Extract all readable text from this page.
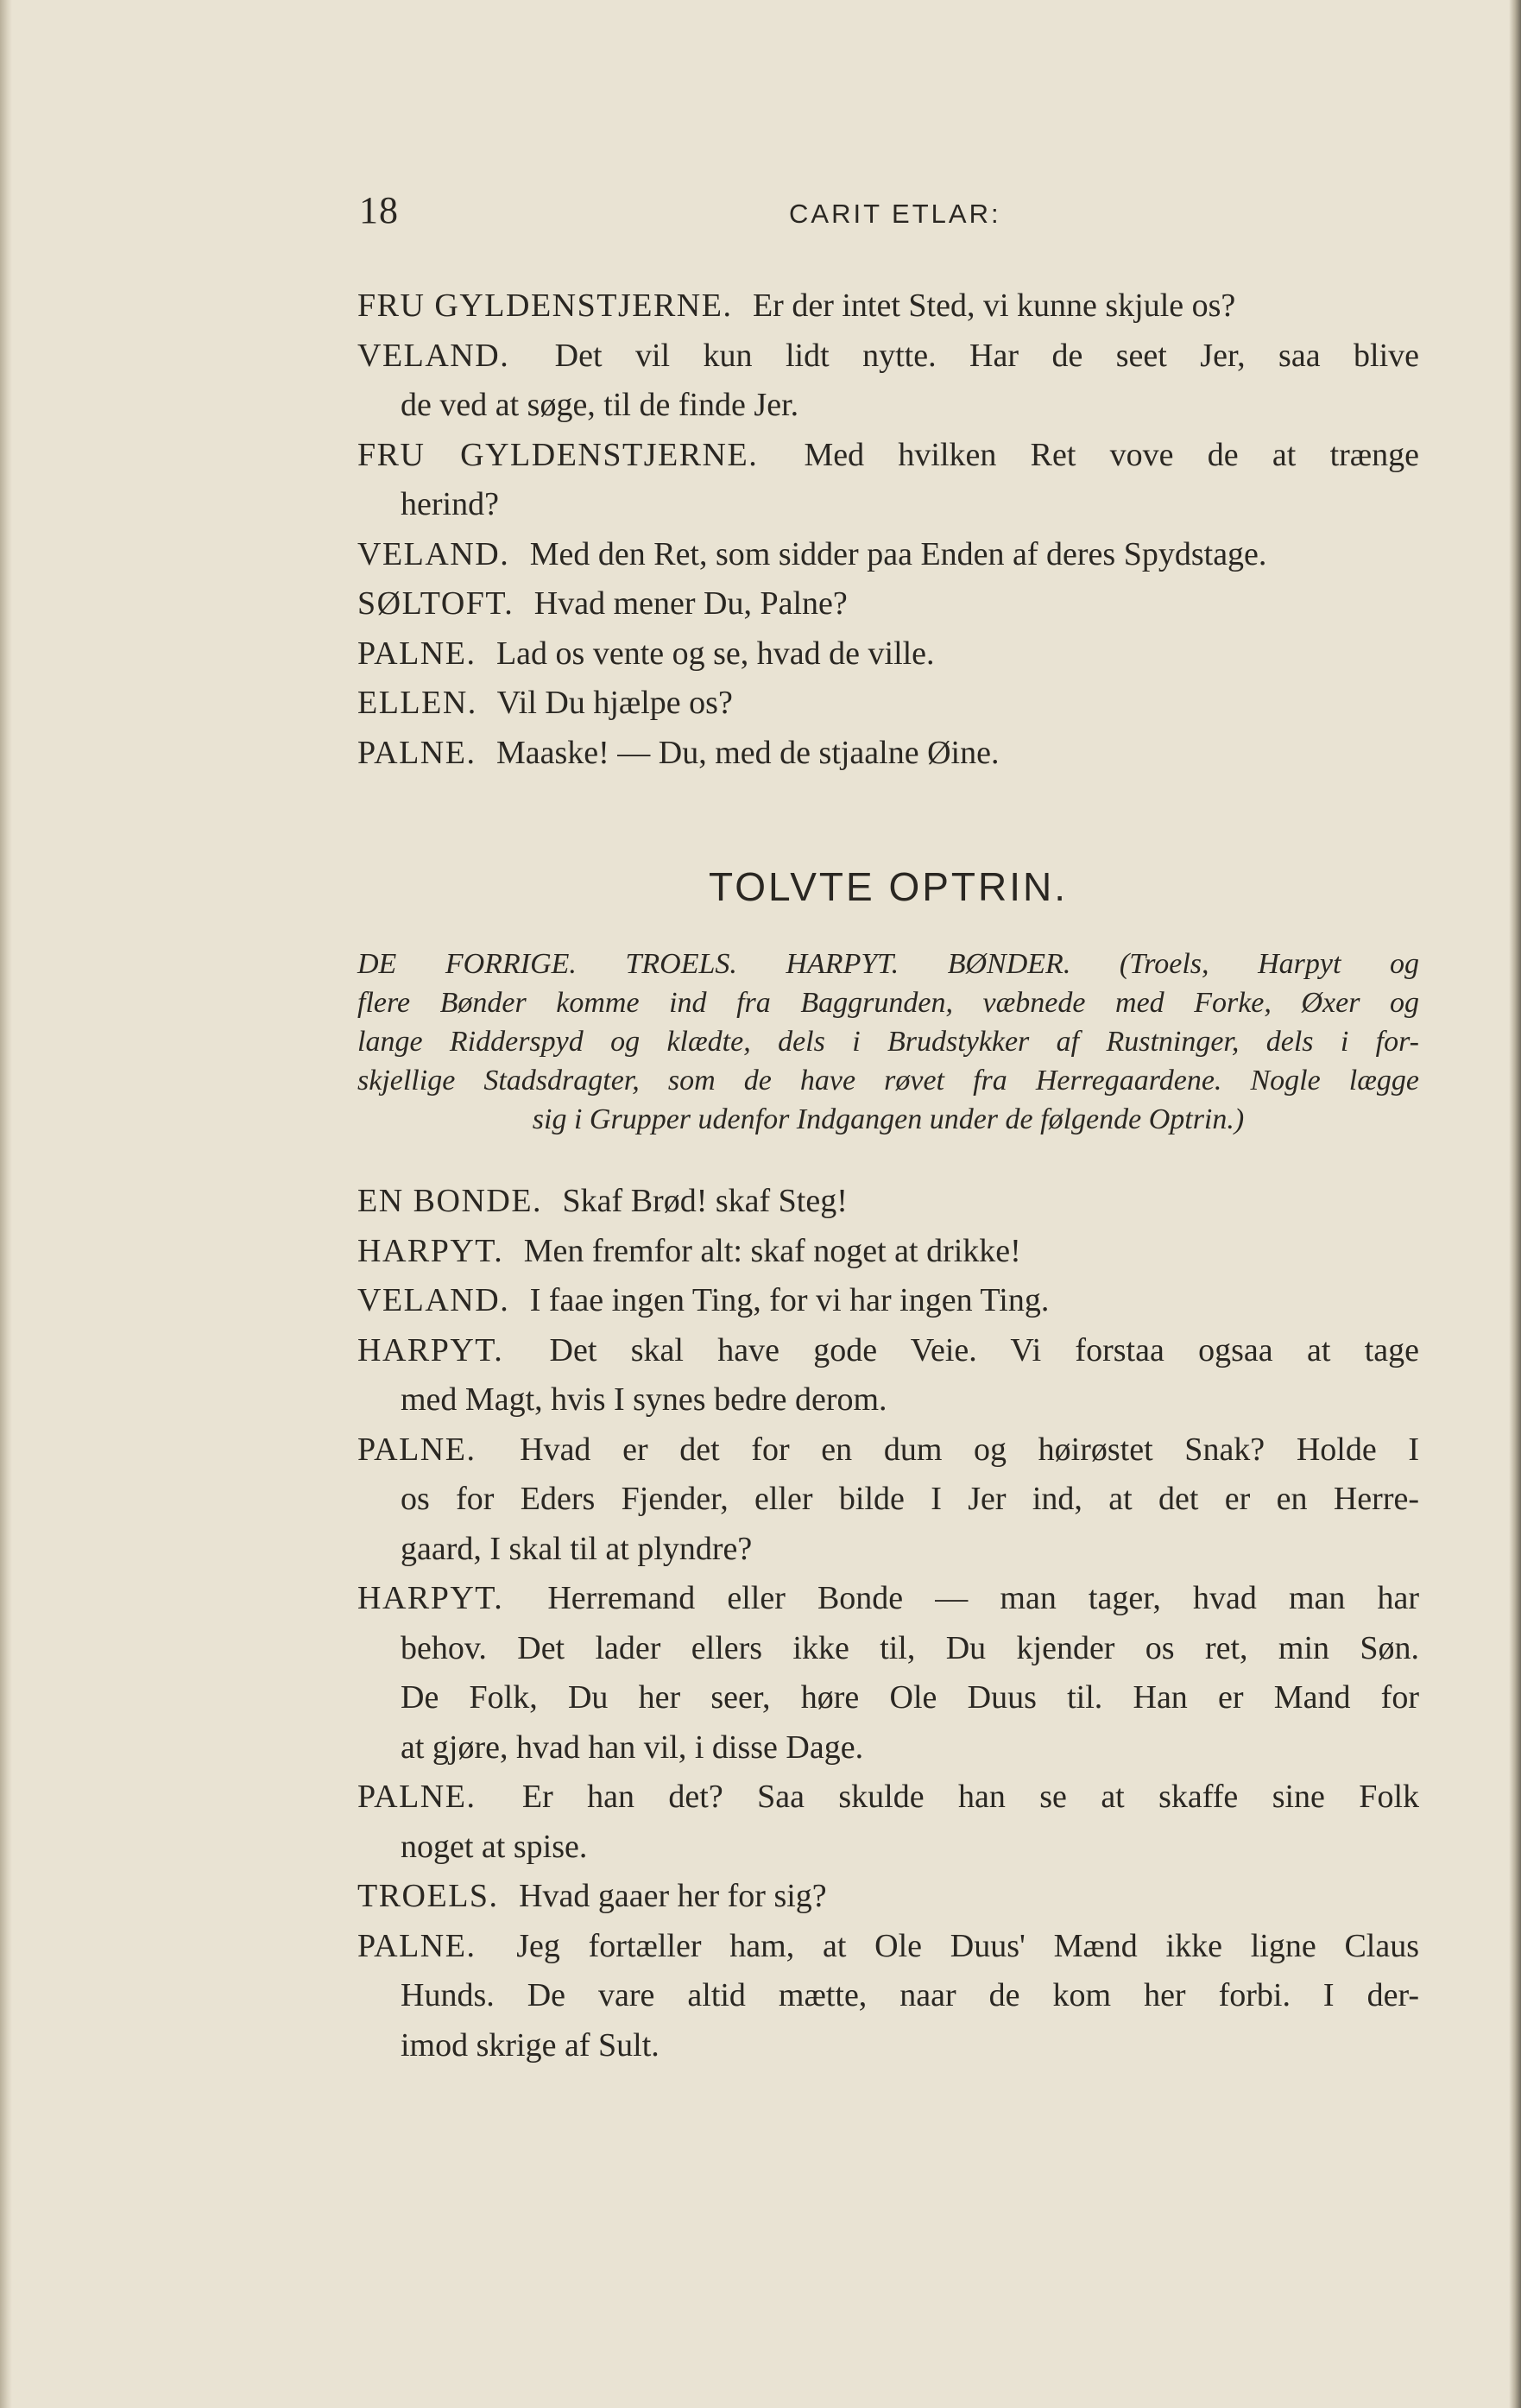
18	CARIT ETLAR:
FRU GYLDENSTJERNE. Er der intet Sted, vi kunne skjule os?
VELAND. Det vil kun lidt nytte. Har de seet Jer, saa blive
de ved at søge, til de finde Jer.
FRU GYLDENSTJERNE. Med hvilken Ret vove de at trænge
herind?
VELAND. Med den Ret, som sidder paa Enden af deres Spydstage.
SØLTOFT. Hvad mener Du, Palne?
PALNE. Lad os vente og se, hvad de ville.
ELLEN. Vil Du hjælpe os?
PALNE. Maaske! — Du, med de stjaalne Øine.
TOLVTE OPTRIN.
DE FORRIGE. TROELS. HARPYT. BØNDER. (Troels, Harpyt og
flere Bønder komme ind fra Baggrunden, væbnede med Forke, Øxer og
lange Ridderspyd og klædte, dels i Brudstykker af Rustninger, dels i for-
skjellige Stadsdragter, som de have røvet fra Herregaardene. Nogle lægge
sig i Grupper udenfor Indgangen under de følgende Optrin.)
EN BONDE. Skaf Brød! skaf Steg!
HARPYT. Men fremfor alt: skaf noget at drikke!
VELAND. I faae ingen Ting, for vi har ingen Ting.
HARPYT. Det skal have gode Veie. Vi forstaa ogsaa at tage
med Magt, hvis I synes bedre derom.
PALNE. Hvad er det for en dum og høirøstet Snak? Holde I
os for Eders Fjender, eller bilde I Jer ind, at det er en Herre-
gaard, I skal til at plyndre?
HARPYT. Herremand eller Bonde — man tager, hvad man har
behov. Det lader ellers ikke til, Du kjender os ret, min Søn.
De Folk, Du her seer, høre Ole Duus til. Han er Mand for
at gjøre, hvad han vil, i disse Dage.
PALNE. Er han det? Saa skulde han se at skaffe sine Folk
noget at spise.
TROELS. Hvad gaaer her for sig?
PALNE. Jeg fortæller ham, at Ole Duus' Mænd ikke ligne Claus
Hunds. De vare altid mætte, naar de kom her forbi. I der-
imod skrige af Sult.
